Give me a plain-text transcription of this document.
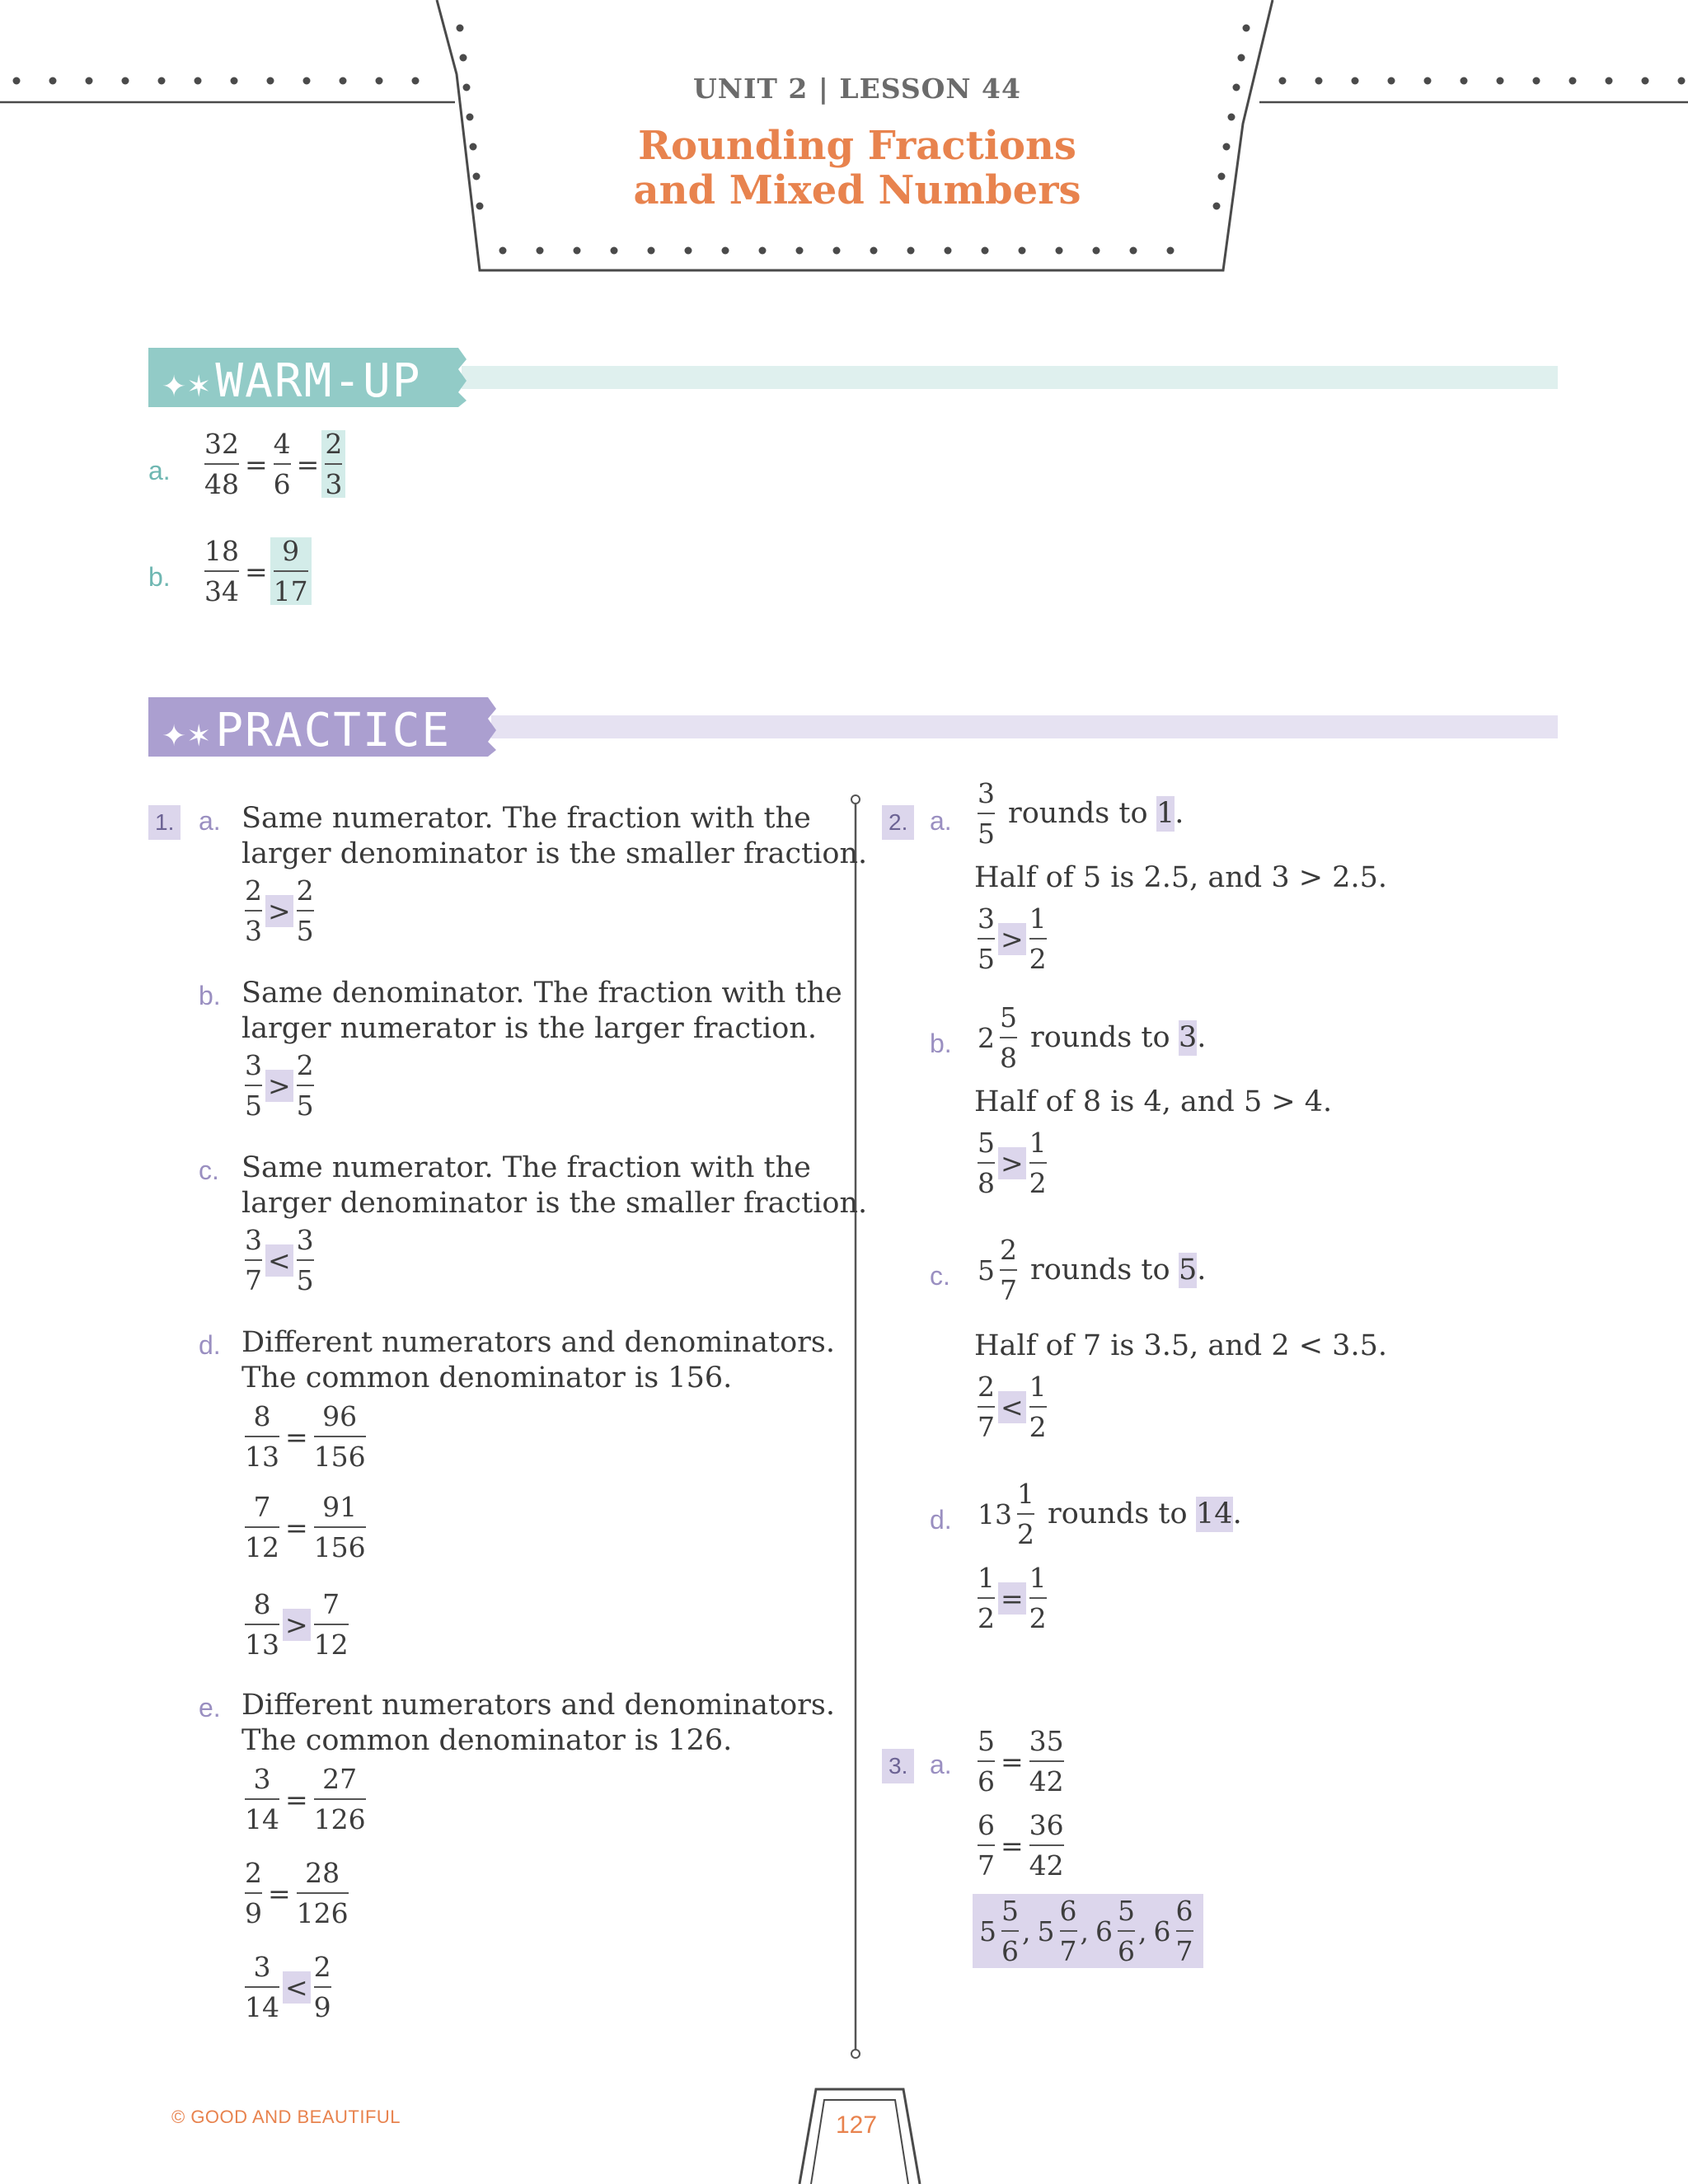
UNIT 2 | LESSON 44
Rounding Fractions
and Mixed Numbers
✦✶ WARM-UP
✦✶ PRACTICE
a. $\frac{32}{48} = \frac{4}{6} = \frac{2}{3}$
b. $\frac{18}{34} = \frac{9}{17}$
1. a. Same numerator. The fraction with the
larger denominator is the smaller fraction.
$\frac{2}{3} > \frac{2}{5}$
b. Same denominator. The fraction with the
larger numerator is the larger fraction.
$\frac{3}{5} > \frac{2}{5}$
c. Same numerator. The fraction with the
larger denominator is the smaller fraction.
$\frac{3}{7} < \frac{3}{5}$
d. Different numerators and denominators.
The common denominator is 156.
$\frac{8}{13} = \frac{96}{156}$
$\frac{7}{12} = \frac{91}{156}$
$\frac{8}{13} > \frac{7}{12}$
e. Different numerators and denominators.
The common denominator is 126.
$\frac{3}{14} = \frac{27}{126}$
$\frac{2}{9} = \frac{28}{126}$
$\frac{3}{14} < \frac{2}{9}$
2. a. $\frac{3}{5}$ rounds to
1 .
Half of 5 is 2.5, and 3 > 2.5.
$\frac{3}{5} > \frac{1}{2}$
b. $2 \frac{5}{8}$ rounds to
3 .
Half of 8 is 4, and 5 > 4.
$\frac{5}{8} > \frac{1}{2}$
c. $5 \frac{2}{7}$ rounds to
5 .
Half of 7 is 3.5, and 2 < 3.5.
$\frac{2}{7} < \frac{1}{2}$
d. $13 \frac{1}{2}$ rounds to
14 .
$\frac{1}{2} = \frac{1}{2}$
3. a. $\frac{5}{6} = \frac{35}{42}$
$\frac{6}{7} = \frac{36}{42}$
$5 \frac{5}{6}$ , $5 \frac{6}{7}$ , $6 \frac{5}{6}$ , $6 \frac{6}{7}$
© GOOD AND BEAUTIFUL	127
